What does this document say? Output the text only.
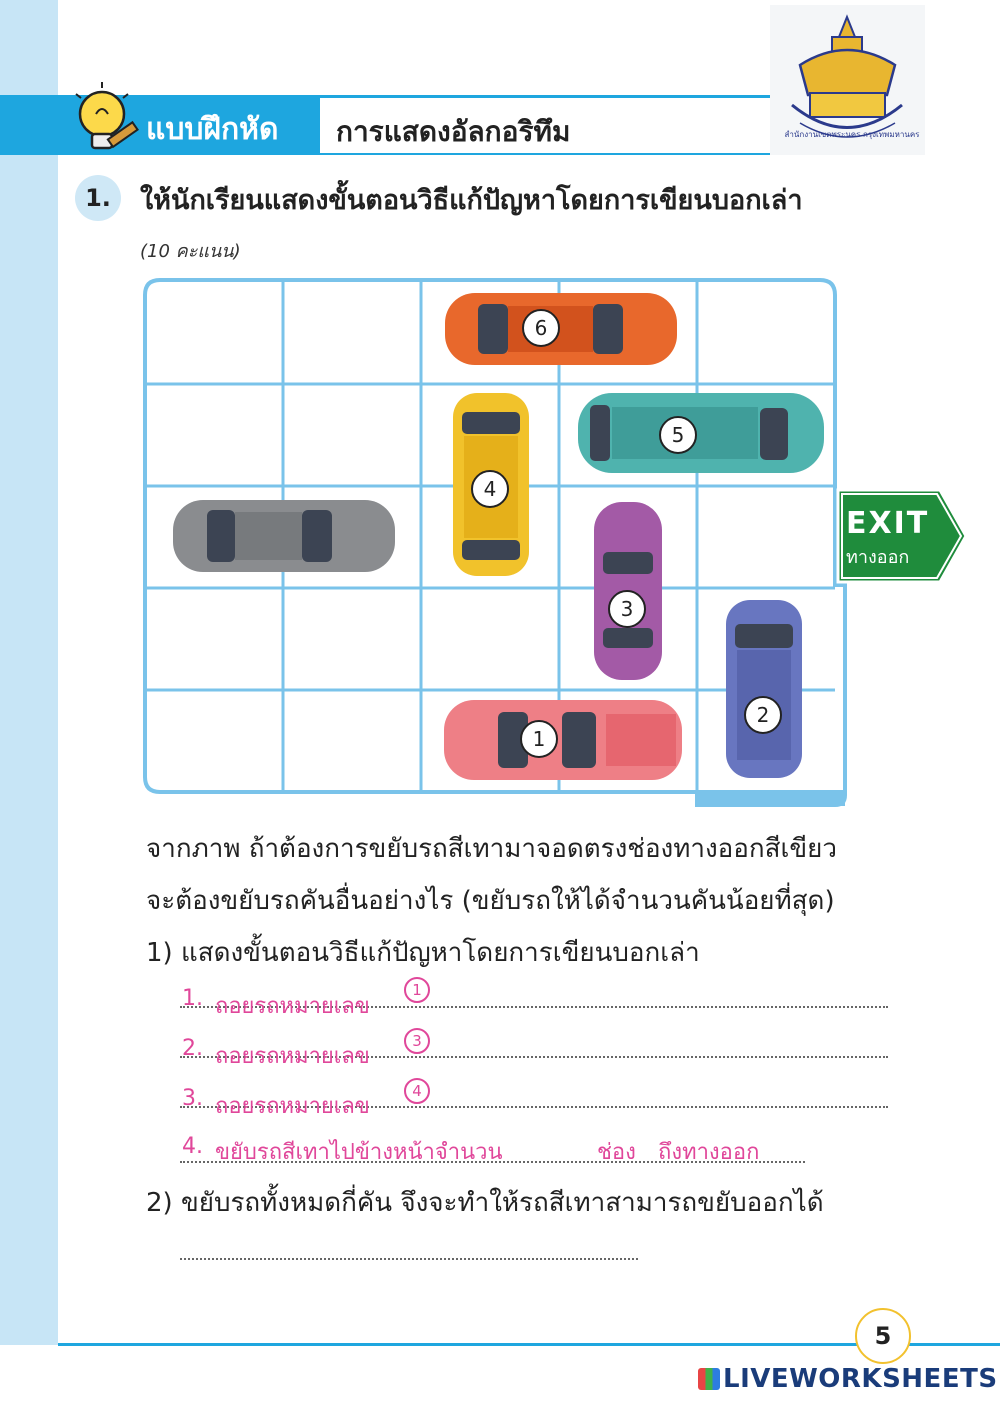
แบบฝึกหัด การแสดงอัลกอริทึม	สำนักงานเขตพระนคร กรุงเทพมหานคร
1.	ให้นักเรียนแสดงขั้นตอนวิธีแก้ปัญหาโดยการเขียนบอกเล่า
(10 คะแนน)
6
5
4
3
2
1
EXIT
ทางออก
จากภาพ ถ้าต้องการขยับรถสีเทามาจอดตรงช่องทางออกสีเขียว
จะต้องขยับรถคันอื่นอย่างไร (ขยับรถให้ได้จำนวนคันน้อยที่สุด)
1) แสดงขั้นตอนวิธีแก้ปัญหาโดยการเขียนบอกเล่า
1. ถอยรถหมายเลข
1
2. ถอยรถหมายเลข
3
3. ถอยรถหมายเลข
4
4. ขยับรถสีเทาไปข้างหน้าจำนวน	ช่อง ถึงทางออก
2) ขยับรถทั้งหมดกี่คัน จึงจะทำให้รถสีเทาสามารถขยับออกได้
5
LIVEWORKSHEETS
